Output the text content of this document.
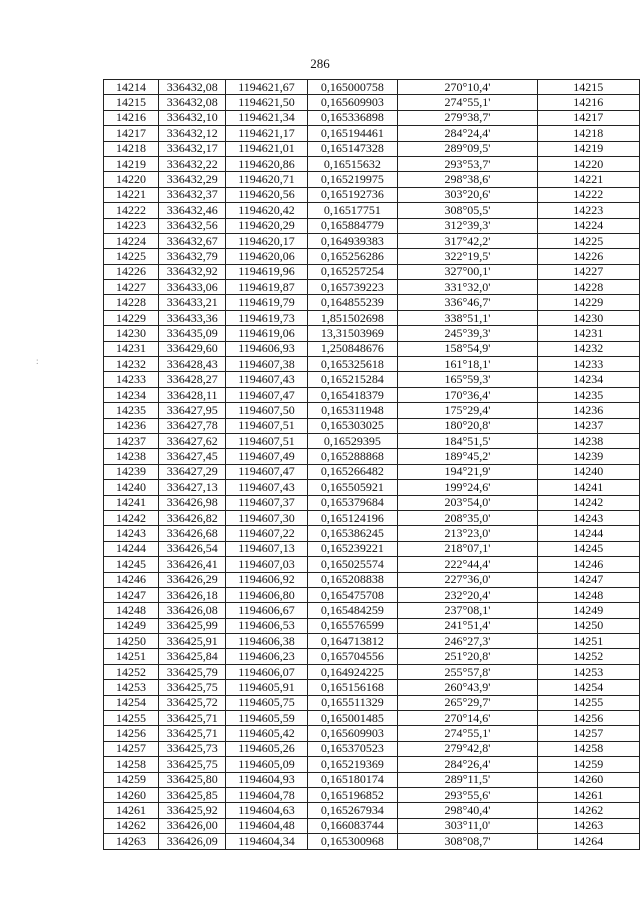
286
:
14214	336432,08	1194621,67	0,165000758	270°10,4'	14215
14215	336432,08	1194621,50	0,165609903	274°55,1'	14216
14216	336432,10	1194621,34	0,165336898	279°38,7'	14217
14217	336432,12	1194621,17	0,165194461	284°24,4'	14218
14218	336432,17	1194621,01	0,165147328	289°09,5'	14219
14219	336432,22	1194620,86	0,16515632	293°53,7'	14220
14220	336432,29	1194620,71	0,165219975	298°38,6'	14221
14221	336432,37	1194620,56	0,165192736	303°20,6'	14222
14222	336432,46	1194620,42	0,16517751	308°05,5'	14223
14223	336432,56	1194620,29	0,165884779	312°39,3'	14224
14224	336432,67	1194620,17	0,164939383	317°42,2'	14225
14225	336432,79	1194620,06	0,165256286	322°19,5'	14226
14226	336432,92	1194619,96	0,165257254	327°00,1'	14227
14227	336433,06	1194619,87	0,165739223	331°32,0'	14228
14228	336433,21	1194619,79	0,164855239	336°46,7'	14229
14229	336433,36	1194619,73	1,851502698	338°51,1'	14230
14230	336435,09	1194619,06	13,31503969	245°39,3'	14231
14231	336429,60	1194606,93	1,250848676	158°54,9'	14232
14232	336428,43	1194607,38	0,165325618	161°18,1'	14233
14233	336428,27	1194607,43	0,165215284	165°59,3'	14234
14234	336428,11	1194607,47	0,165418379	170°36,4'	14235
14235	336427,95	1194607,50	0,165311948	175°29,4'	14236
14236	336427,78	1194607,51	0,165303025	180°20,8'	14237
14237	336427,62	1194607,51	0,16529395	184°51,5'	14238
14238	336427,45	1194607,49	0,165288868	189°45,2'	14239
14239	336427,29	1194607,47	0,165266482	194°21,9'	14240
14240	336427,13	1194607,43	0,165505921	199°24,6'	14241
14241	336426,98	1194607,37	0,165379684	203°54,0'	14242
14242	336426,82	1194607,30	0,165124196	208°35,0'	14243
14243	336426,68	1194607,22	0,165386245	213°23,0'	14244
14244	336426,54	1194607,13	0,165239221	218°07,1'	14245
14245	336426,41	1194607,03	0,165025574	222°44,4'	14246
14246	336426,29	1194606,92	0,165208838	227°36,0'	14247
14247	336426,18	1194606,80	0,165475708	232°20,4'	14248
14248	336426,08	1194606,67	0,165484259	237°08,1'	14249
14249	336425,99	1194606,53	0,165576599	241°51,4'	14250
14250	336425,91	1194606,38	0,164713812	246°27,3'	14251
14251	336425,84	1194606,23	0,165704556	251°20,8'	14252
14252	336425,79	1194606,07	0,164924225	255°57,8'	14253
14253	336425,75	1194605,91	0,165156168	260°43,9'	14254
14254	336425,72	1194605,75	0,165511329	265°29,7'	14255
14255	336425,71	1194605,59	0,165001485	270°14,6'	14256
14256	336425,71	1194605,42	0,165609903	274°55,1'	14257
14257	336425,73	1194605,26	0,165370523	279°42,8'	14258
14258	336425,75	1194605,09	0,165219369	284°26,4'	14259
14259	336425,80	1194604,93	0,165180174	289°11,5'	14260
14260	336425,85	1194604,78	0,165196852	293°55,6'	14261
14261	336425,92	1194604,63	0,165267934	298°40,4'	14262
14262	336426,00	1194604,48	0,166083744	303°11,0'	14263
14263	336426,09	1194604,34	0,165300968	308°08,7'	14264
